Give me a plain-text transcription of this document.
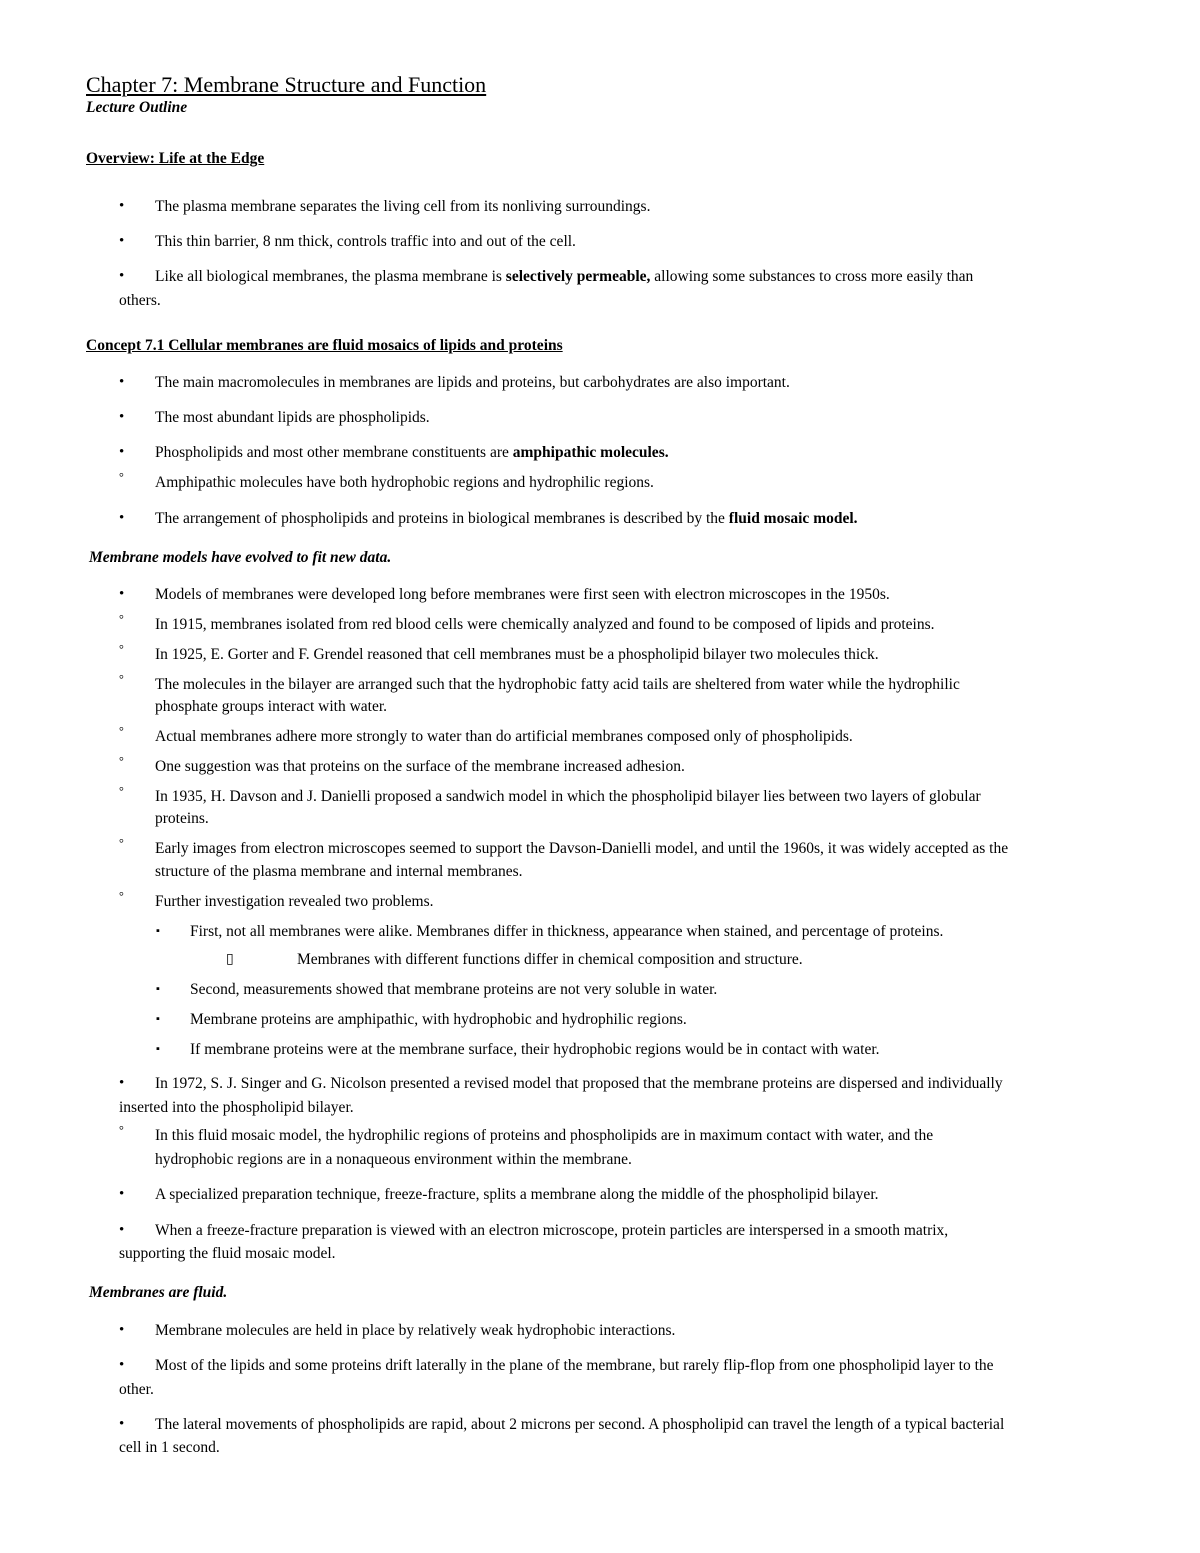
Chapter 7: Membrane Structure and Function
Lecture Outline
Overview: Life at the Edge
• The plasma membrane separates the living cell from its nonliving surroundings.
• This thin barrier, 8 nm thick, controls traffic into and out of the cell.
• Like all biological membranes, the plasma membrane is selectively permeable, allowing some substances to cross more easily than
others.
Concept 7.1 Cellular membranes are fluid mosaics of lipids and proteins
• The main macromolecules in membranes are lipids and proteins, but carbohydrates are also important.
• The most abundant lipids are phospholipids.
• Phospholipids and most other membrane constituents are amphipathic molecules.
° Amphipathic molecules have both hydrophobic regions and hydrophilic regions.
• The arrangement of phospholipids and proteins in biological membranes is described by the fluid mosaic model.
Membrane models have evolved to fit new data.
• Models of membranes were developed long before membranes were first seen with electron microscopes in the 1950s.
° In 1915, membranes isolated from red blood cells were chemically analyzed and found to be composed of lipids and proteins.
° In 1925, E. Gorter and F. Grendel reasoned that cell membranes must be a phospholipid bilayer two molecules thick.
° The molecules in the bilayer are arranged such that the hydrophobic fatty acid tails are sheltered from water while the hydrophilic
phosphate groups interact with water.
° Actual membranes adhere more strongly to water than do artificial membranes composed only of phospholipids.
° One suggestion was that proteins on the surface of the membrane increased adhesion.
° In 1935, H. Davson and J. Danielli proposed a sandwich model in which the phospholipid bilayer lies between two layers of globular
proteins.
° Early images from electron microscopes seemed to support the Davson-Danielli model, and until the 1960s, it was widely accepted as the
structure of the plasma membrane and internal membranes.
° Further investigation revealed two problems.
▪ First, not all membranes were alike. Membranes differ in thickness, appearance when stained, and percentage of proteins.
▯	Membranes with different functions differ in chemical composition and structure.
▪ Second, measurements showed that membrane proteins are not very soluble in water.
▪ Membrane proteins are amphipathic, with hydrophobic and hydrophilic regions.
▪ If membrane proteins were at the membrane surface, their hydrophobic regions would be in contact with water.
• In 1972, S. J. Singer and G. Nicolson presented a revised model that proposed that the membrane proteins are dispersed and individually
inserted into the phospholipid bilayer.
° In this fluid mosaic model, the hydrophilic regions of proteins and phospholipids are in maximum contact with water, and the
hydrophobic regions are in a nonaqueous environment within the membrane.
• A specialized preparation technique, freeze-fracture, splits a membrane along the middle of the phospholipid bilayer.
• When a freeze-fracture preparation is viewed with an electron microscope, protein particles are interspersed in a smooth matrix,
supporting the fluid mosaic model.
Membranes are fluid.
• Membrane molecules are held in place by relatively weak hydrophobic interactions.
• Most of the lipids and some proteins drift laterally in the plane of the membrane, but rarely flip-flop from one phospholipid layer to the
other.
• The lateral movements of phospholipids are rapid, about 2 microns per second. A phospholipid can travel the length of a typical bacterial
cell in 1 second.
